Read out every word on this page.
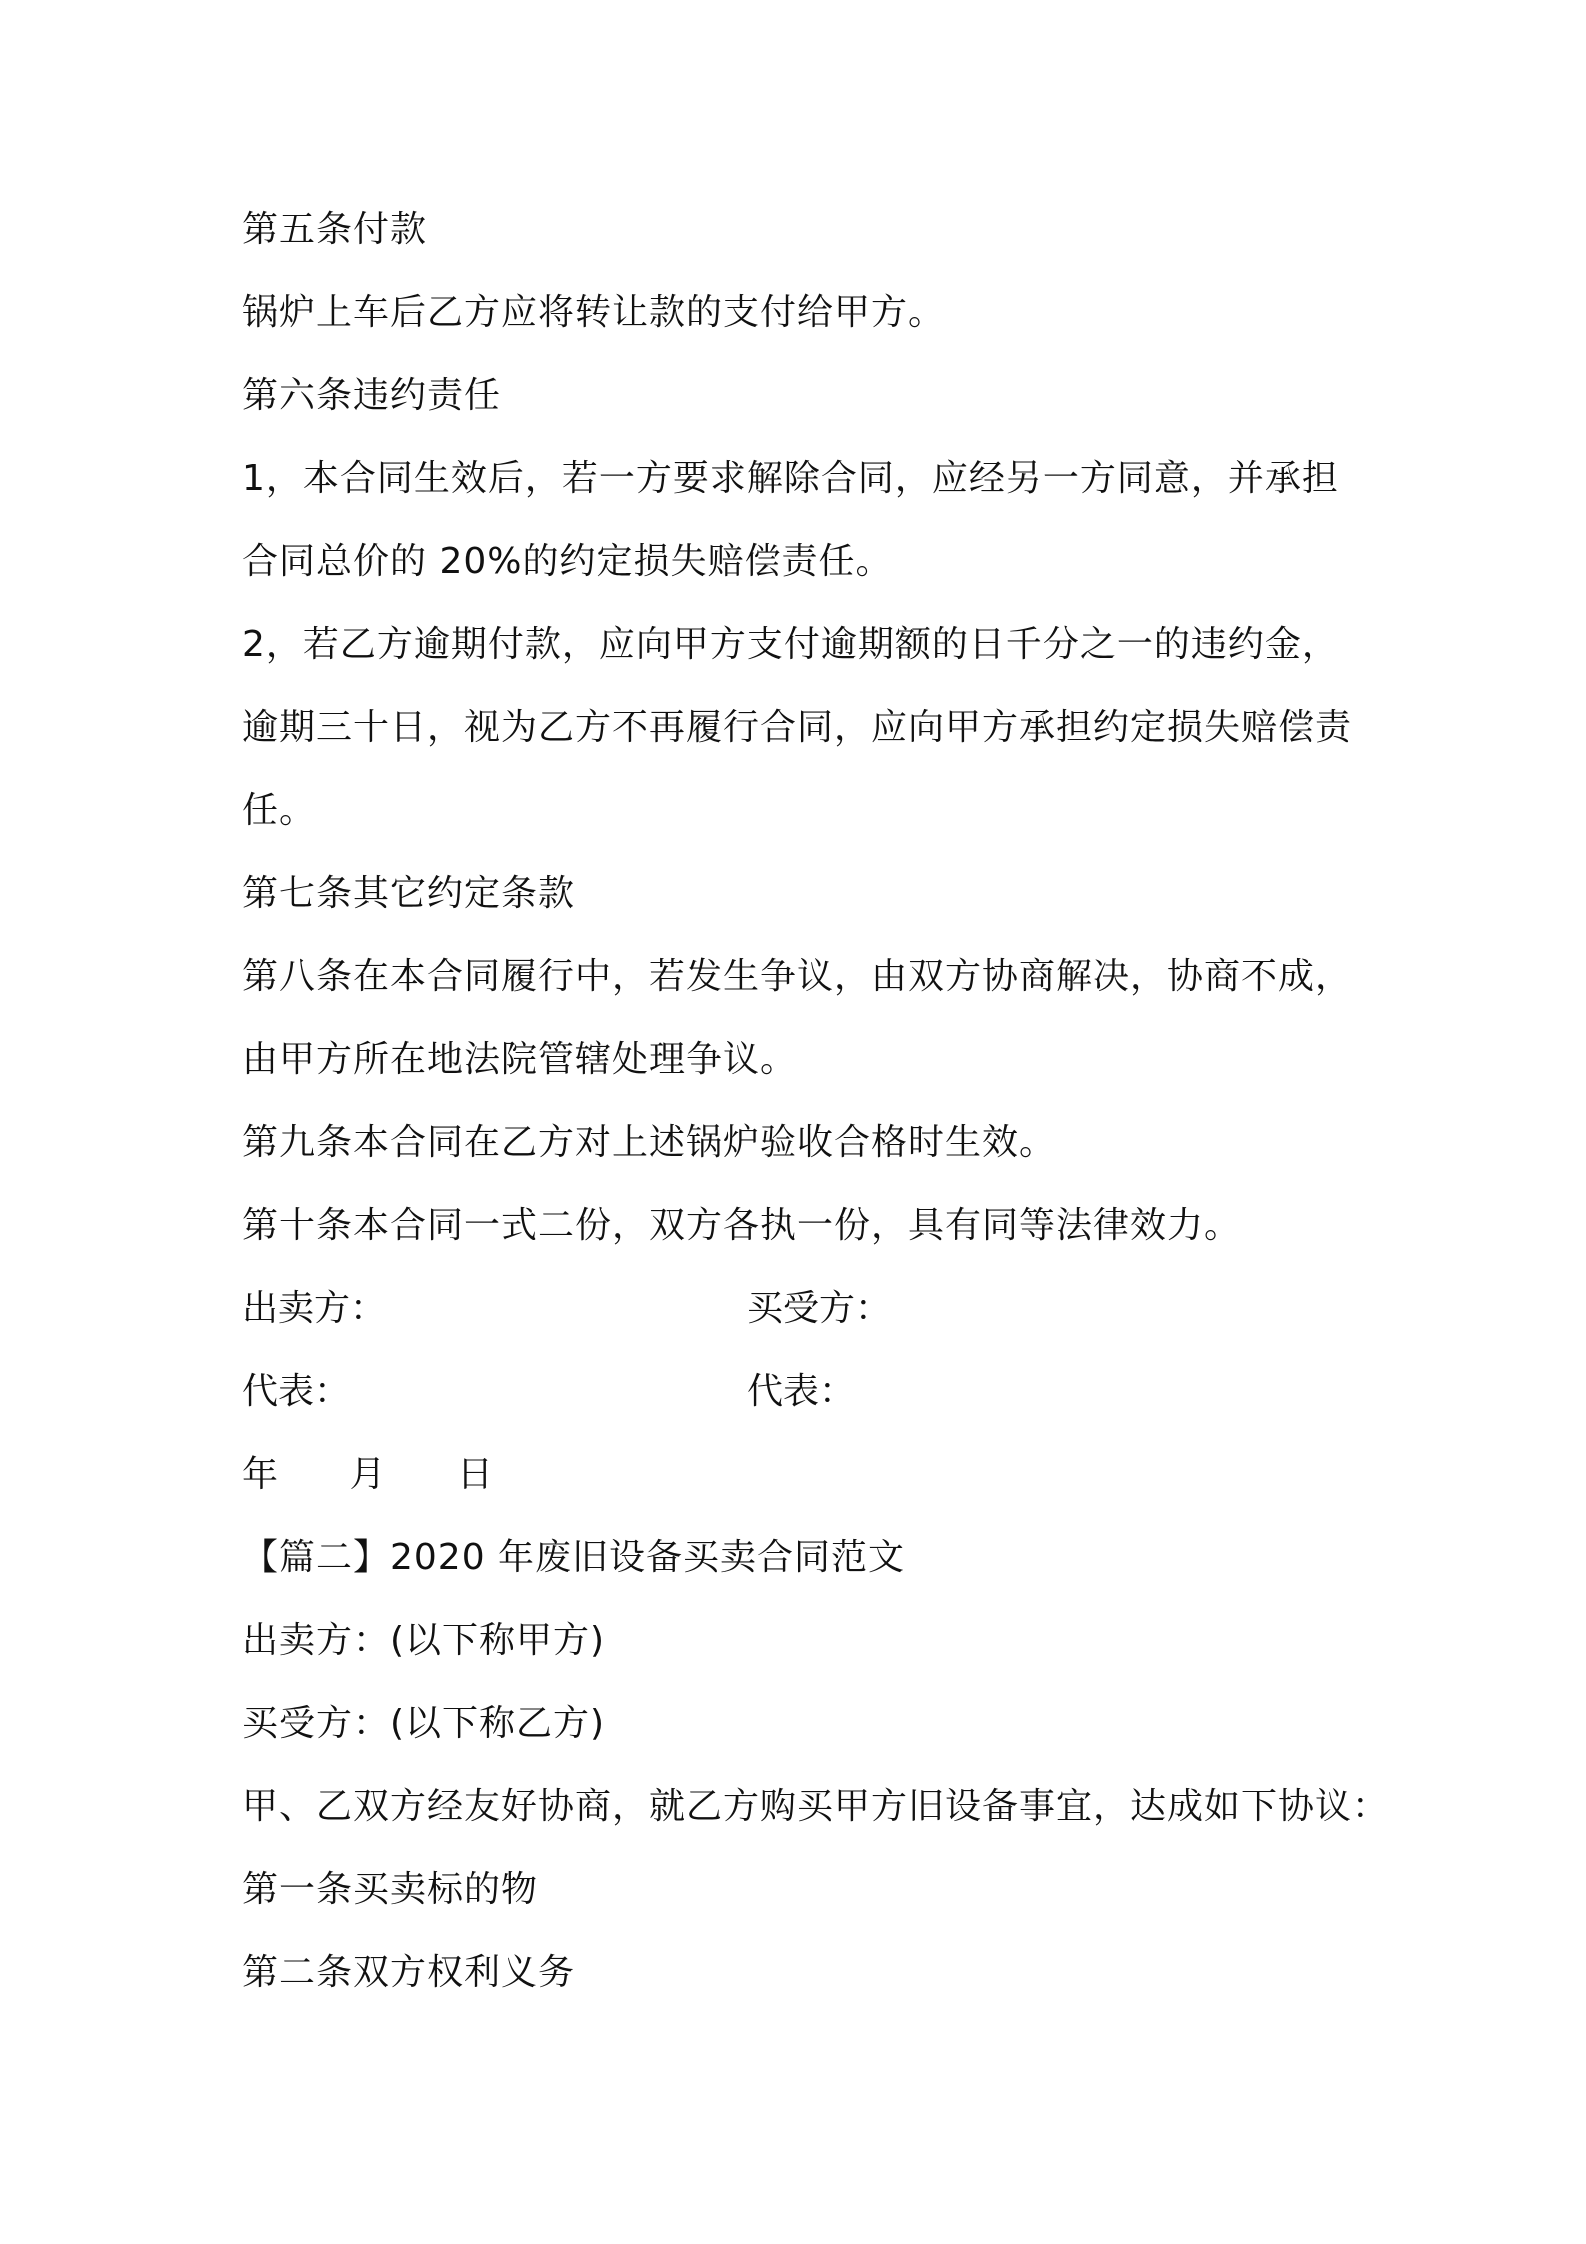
第五条付款
锅炉上车后乙方应将转让款的支付给甲方。
第六条违约责任
1，本合同生效后，若一方要求解除合同，应经另一方同意，并承担
合同总价的 20%的约定损失赔偿责任。
2，若乙方逾期付款，应向甲方支付逾期额的日千分之一的违约金，
逾期三十日，视为乙方不再履行合同，应向甲方承担约定损失赔偿责
任。
第七条其它约定条款
第八条在本合同履行中，若发生争议，由双方协商解决，协商不成，
由甲方所在地法院管辖处理争议。
第九条本合同在乙方对上述锅炉验收合格时生效。
第十条本合同一式二份，双方各执一份，具有同等法律效力。
出卖方：	买受方：
代表：	代表：
年 月 日
【篇二】2020 年废旧设备买卖合同范文
出卖方：(以下称甲方)
买受方：(以下称乙方)
甲、乙双方经友好协商，就乙方购买甲方旧设备事宜，达成如下协议：
第一条买卖标的物
第二条双方权利义务
